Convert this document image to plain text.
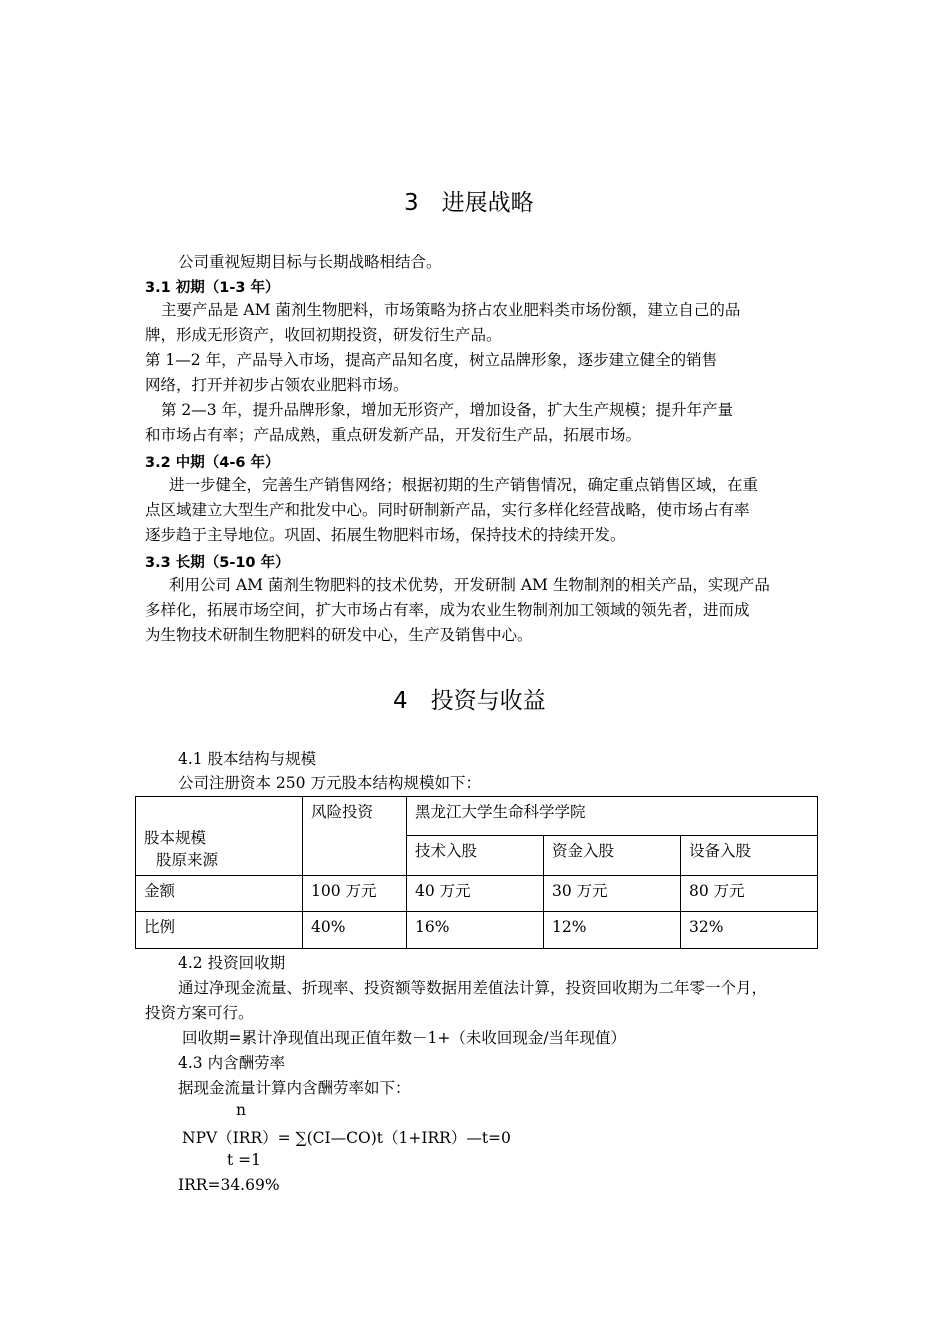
3　进展战略
公司重视短期目标与长期战略相结合。
3.1 初期（1-3 年）
主要产品是 AM 菌剂生物肥料，市场策略为挤占农业肥料类市场份额，建立自己的品
牌，形成无形资产，收回初期投资，研发衍生产品。
第 1—2 年，产品导入市场，提高产品知名度，树立品牌形象，逐步建立健全的销售
网络，打开并初步占领农业肥料市场。
第 2—3 年，提升品牌形象，增加无形资产，增加设备，扩大生产规模；提升年产量
和市场占有率；产品成熟，重点研发新产品，开发衍生产品，拓展市场。
3.2 中期（4-6 年）
进一步健全，完善生产销售网络；根据初期的生产销售情况，确定重点销售区域，在重
点区域建立大型生产和批发中心。同时研制新产品，实行多样化经营战略，使市场占有率
逐步趋于主导地位。巩固、拓展生物肥料市场，保持技术的持续开发。
3.3 长期（5-10 年）
利用公司 AM 菌剂生物肥料的技术优势，开发研制 AM 生物制剂的相关产品，实现产品
多样化，拓展市场空间，扩大市场占有率，成为农业生物制剂加工领域的领先者，进而成
为生物技术研制生物肥料的研发中心，生产及销售中心。
4　投资与收益
4.1 股本结构与规模
公司注册资本 250 万元股本结构规模如下：
股本规模
股原来源	风险投资	黑龙江大学生命科学学院		
		技术入股	资金入股	设备入股
金额	100 万元	40 万元	30 万元	80 万元
比例	40%	16%	12%	32%
4.2 投资回收期
通过净现金流量、折现率、投资额等数据用差值法计算，投资回收期为二年零一个月，
投资方案可行。
回收期=累计净现值出现正值年数－1+（未收回现金/当年现值）
4.3 内含酬劳率
据现金流量计算内含酬劳率如下：
n
NPV（IRR）= ∑(CI—CO)t（1+IRR）—t=0
t =1
IRR=34.69%
